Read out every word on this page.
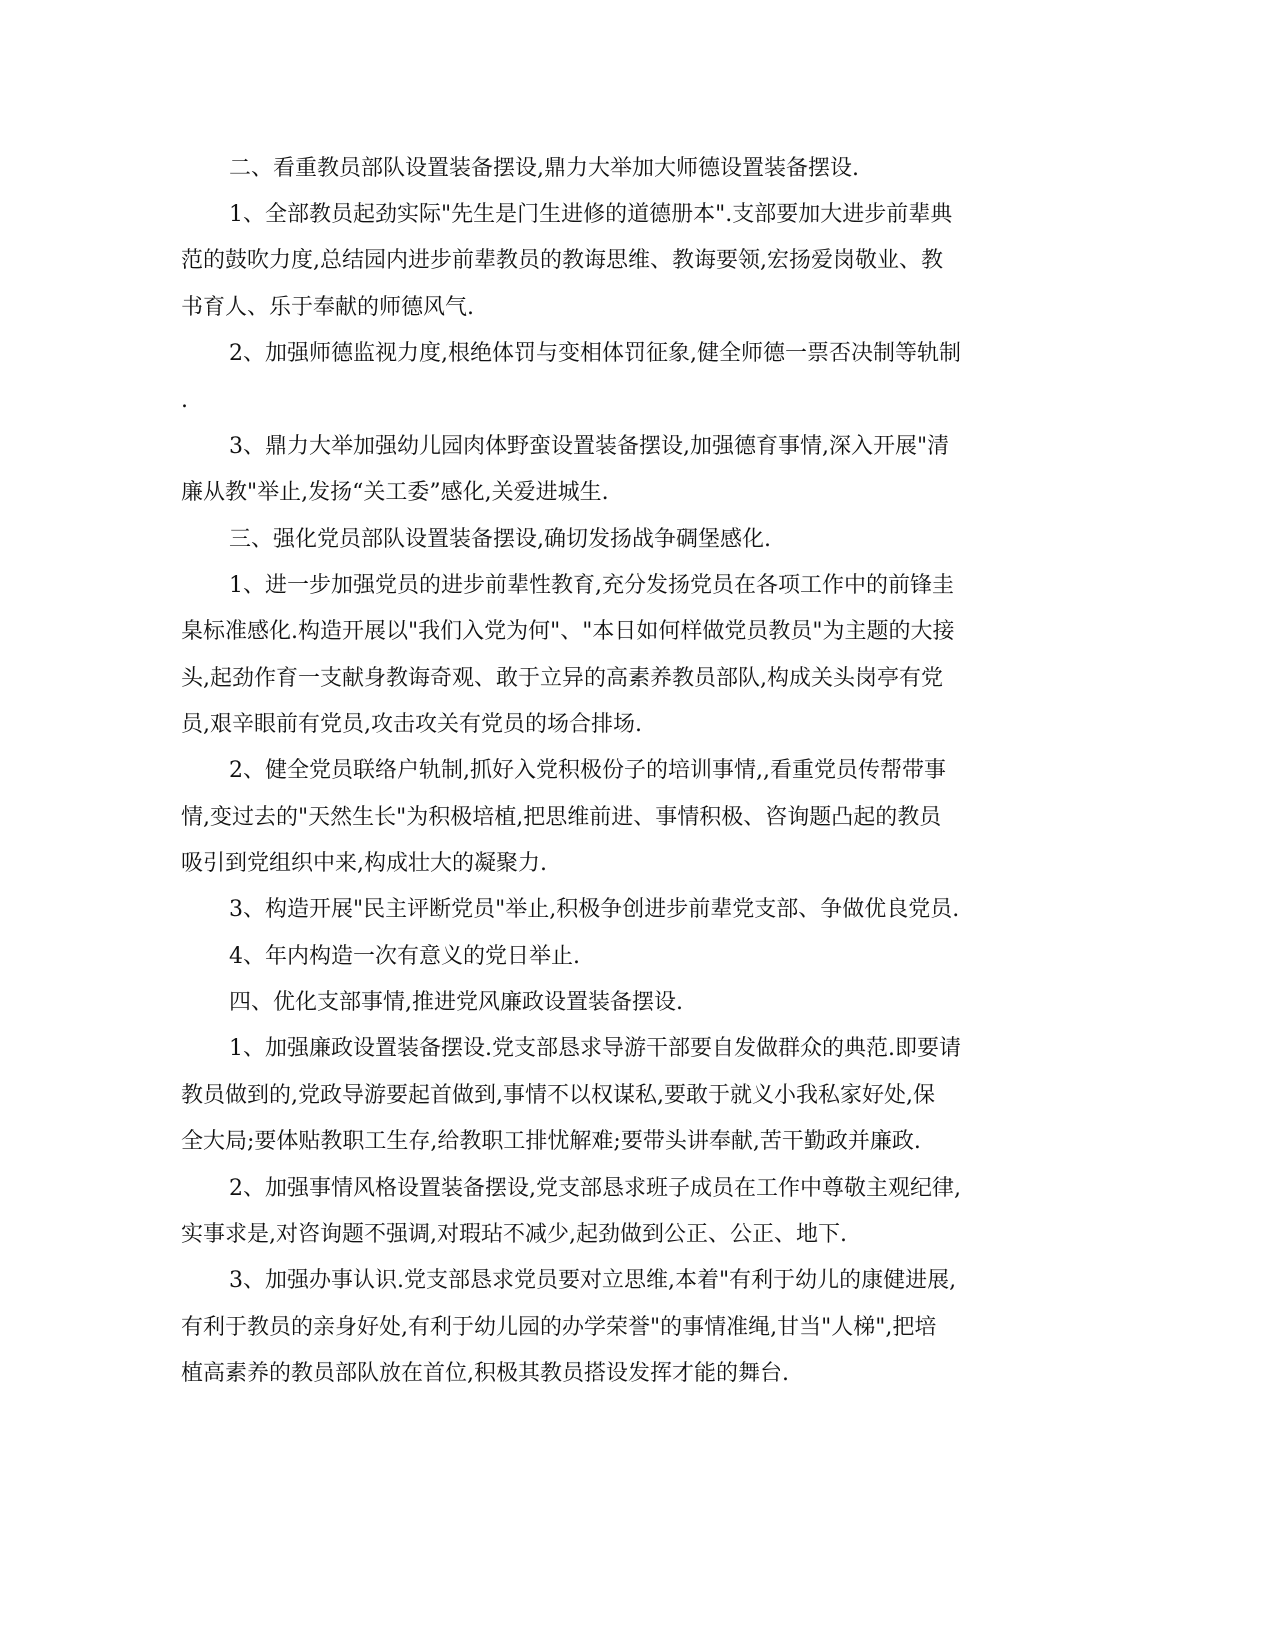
二、看重教员部队设置装备摆设,鼎力大举加大师德设置装备摆设.
1、全部教员起劲实际"先生是门生进修的道德册本".支部要加大进步前辈典
范的鼓吹力度,总结园内进步前辈教员的教诲思维、教诲要领,宏扬爱岗敬业、教
书育人、乐于奉献的师德风气.
2、加强师德监视力度,根绝体罚与变相体罚征象,健全师德一票否决制等轨制
.
3、鼎力大举加强幼儿园肉体野蛮设置装备摆设,加强德育事情,深入开展"清
廉从教"举止,发扬“关工委”感化,关爱进城生.
三、强化党员部队设置装备摆设,确切发扬战争碉堡感化.
1、进一步加强党员的进步前辈性教育,充分发扬党员在各项工作中的前锋圭
臬标准感化.构造开展以"我们入党为何"、"本日如何样做党员教员"为主题的大接
头,起劲作育一支献身教诲奇观、敢于立异的高素养教员部队,构成关头岗亭有党
员,艰辛眼前有党员,攻击攻关有党员的场合排场.
2、健全党员联络户轨制,抓好入党积极份子的培训事情,,看重党员传帮带事
情,变过去的"天然生长"为积极培植,把思维前进、事情积极、咨询题凸起的教员
吸引到党组织中来,构成壮大的凝聚力.
3、构造开展"民主评断党员"举止,积极争创进步前辈党支部、争做优良党员.
4、年内构造一次有意义的党日举止.
四、优化支部事情,推进党风廉政设置装备摆设.
1、加强廉政设置装备摆设.党支部恳求导游干部要自发做群众的典范.即要请
教员做到的,党政导游要起首做到,事情不以权谋私,要敢于就义小我私家好处,保
全大局;要体贴教职工生存,给教职工排忧解难;要带头讲奉献,苦干勤政并廉政.
2、加强事情风格设置装备摆设,党支部恳求班子成员在工作中尊敬主观纪律,
实事求是,对咨询题不强调,对瑕玷不减少,起劲做到公正、公正、地下.
3、加强办事认识.党支部恳求党员要对立思维,本着"有利于幼儿的康健进展,
有利于教员的亲身好处,有利于幼儿园的办学荣誉"的事情准绳,甘当"人梯",把培
植高素养的教员部队放在首位,积极其教员搭设发挥才能的舞台.
